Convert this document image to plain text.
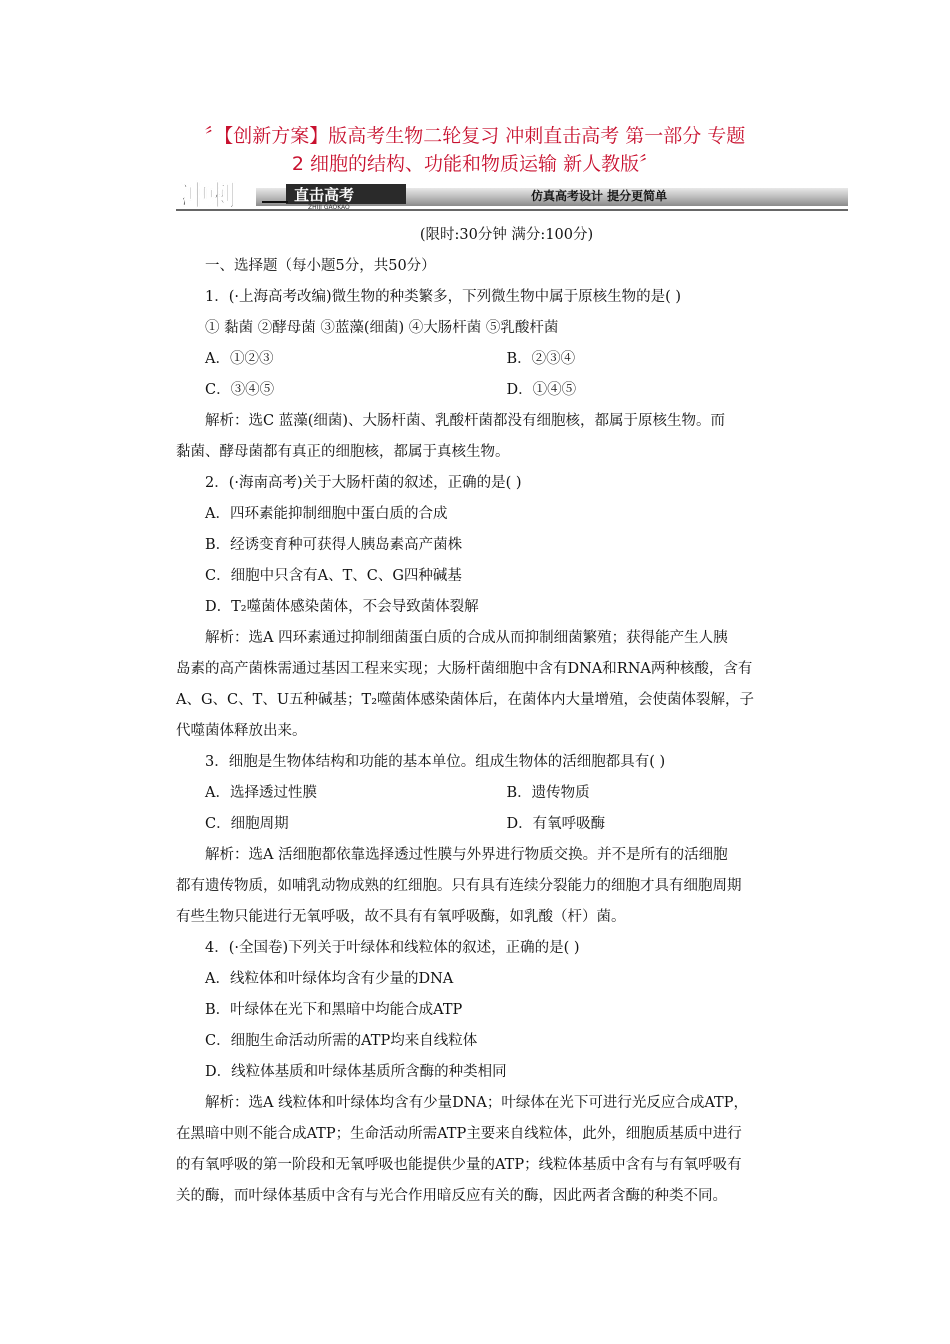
〞【创新方案】版高考生物二轮复习 冲刺直击高考 第一部分 专题
2 细胞的结构、功能和物质运输 新人教版〞
冲刺	直击高考
ZHIJI GAOKAO
仿真高考设计 提分更简单

(限时:30分钟 满分:100分)

一、选择题（每小题5分，共50分）

1．(·上海高考改编)微生物的种类繁多，下列微生物中属于原核生物的是( )

① 黏菌 ②酵母菌 ③蓝藻(细菌) ④大肠杆菌 ⑤乳酸杆菌

A．①②③	B．②③④
C．③④⑤	D．①④⑤

解析：选C 蓝藻(细菌)、大肠杆菌、乳酸杆菌都没有细胞核，都属于原核生物。而

黏菌、酵母菌都有真正的细胞核，都属于真核生物。

2．(·海南高考)关于大肠杆菌的叙述，正确的是( )

A．四环素能抑制细胞中蛋白质的合成

B．经诱变育种可获得人胰岛素高产菌株

C．细胞中只含有A、T、C、G四种碱基

D．T₂噬菌体感染菌体，不会导致菌体裂解

解析：选A 四环素通过抑制细菌蛋白质的合成从而抑制细菌繁殖；获得能产生人胰

岛素的高产菌株需通过基因工程来实现；大肠杆菌细胞中含有DNA和RNA两种核酸，含有

A、G、C、T、U五种碱基；T₂噬菌体感染菌体后，在菌体内大量增殖，会使菌体裂解，子

代噬菌体释放出来。

3．细胞是生物体结构和功能的基本单位。组成生物体的活细胞都具有( )

A．选择透过性膜	B．遗传物质
C．细胞周期	D．有氧呼吸酶

解析：选A 活细胞都依靠选择透过性膜与外界进行物质交换。并不是所有的活细胞

都有遗传物质，如哺乳动物成熟的红细胞。只有具有连续分裂能力的细胞才具有细胞周期

有些生物只能进行无氧呼吸，故不具有有氧呼吸酶，如乳酸（杆）菌。

4．(·全国卷)下列关于叶绿体和线粒体的叙述，正确的是( )

A．线粒体和叶绿体均含有少量的DNA

B．叶绿体在光下和黑暗中均能合成ATP

C．细胞生命活动所需的ATP均来自线粒体

D．线粒体基质和叶绿体基质所含酶的种类相同

解析：选A 线粒体和叶绿体均含有少量DNA；叶绿体在光下可进行光反应合成ATP，

在黑暗中则不能合成ATP；生命活动所需ATP主要来自线粒体，此外，细胞质基质中进行

的有氧呼吸的第一阶段和无氧呼吸也能提供少量的ATP；线粒体基质中含有与有氧呼吸有

关的酶，而叶绿体基质中含有与光合作用暗反应有关的酶，因此两者含酶的种类不同。
